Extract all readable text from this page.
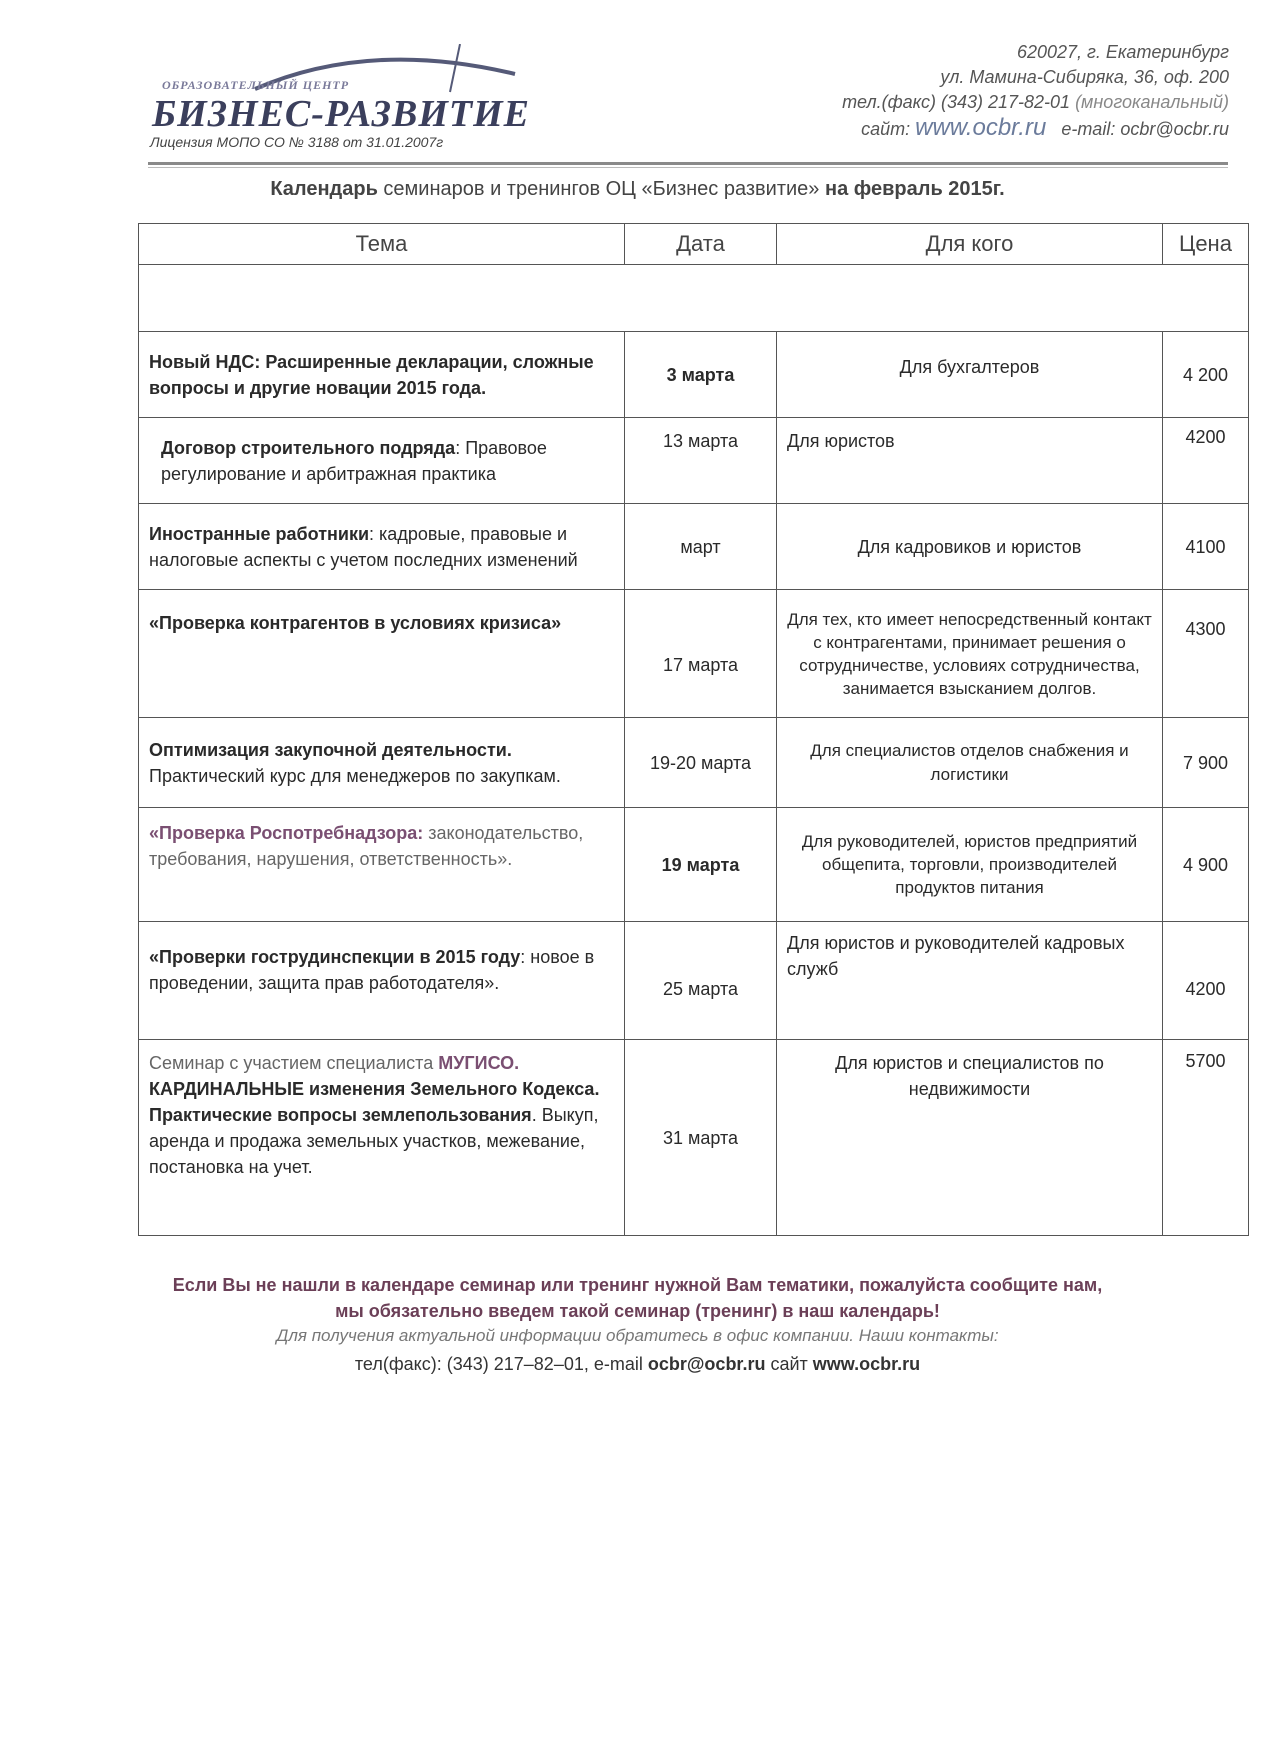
ОБРАЗОВАТЕЛЬНЫЙ ЦЕНТР
БИЗНЕС-РАЗВИТИЕ
Лицензия МОПО СО № 3188 от 31.01.2007г
620027, г. Екатеринбург
ул. Мамина-Сибиряка, 36, оф. 200
тел.(факс) (343) 217-82-01 (многоканальный)
сайт: www.ocbr.ru e-mail: ocbr@ocbr.ru
Календарь семинаров и тренингов ОЦ «Бизнес развитие» на февраль 2015г.
Тема	Дата	Для кого	Цена

Новый НДС: Расширенные декларации, сложные вопросы и другие новации 2015 года.	3 марта	Для бухгалтеров	4 200
Договор строительного подряда: Правовое регулирование и арбитражная практика	13 марта	Для юристов	4200
Иностранные работники: кадровые, правовые и налоговые аспекты с учетом последних изменений	март	Для кадровиков и юристов	4100
«Проверка контрагентов в условиях кризиса»	17 марта	Для тех, кто имеет непосредственный контакт с контрагентами, принимает решения о сотрудничестве, условиях сотрудничества, занимается взысканием долгов.	4300
Оптимизация закупочной деятельности. Практический курс для менеджеров по закупкам.	19-20 марта	Для специалистов отделов снабжения и логистики	7 900
«Проверка Роспотребнадзора: законодательство, требования, нарушения, ответственность».	19 марта	Для руководителей, юристов предприятий общепита, торговли, производителей продуктов питания	4 900
«Проверки гострудинспекции в 2015 году: новое в проведении, защита прав работодателя».	25 марта	Для юристов и руководителей кадровых служб	4200
Семинар с участием специалиста МУГИСО.
КАРДИНАЛЬНЫЕ изменения Земельного Кодекса. Практические вопросы землепользования. Выкуп, аренда и продажа земельных участков, межевание, постановка на учет.	31 марта	Для юристов и специалистов по недвижимости	5700
Если Вы не нашли в календаре семинар или тренинг нужной Вам тематики, пожалуйста сообщите нам,
мы обязательно введем такой семинар (тренинг) в наш календарь!
Для получения актуальной информации обратитесь в офис компании. Наши контакты:
тел(факс): (343) 217–82–01, e-mail ocbr@ocbr.ru сайт www.ocbr.ru
